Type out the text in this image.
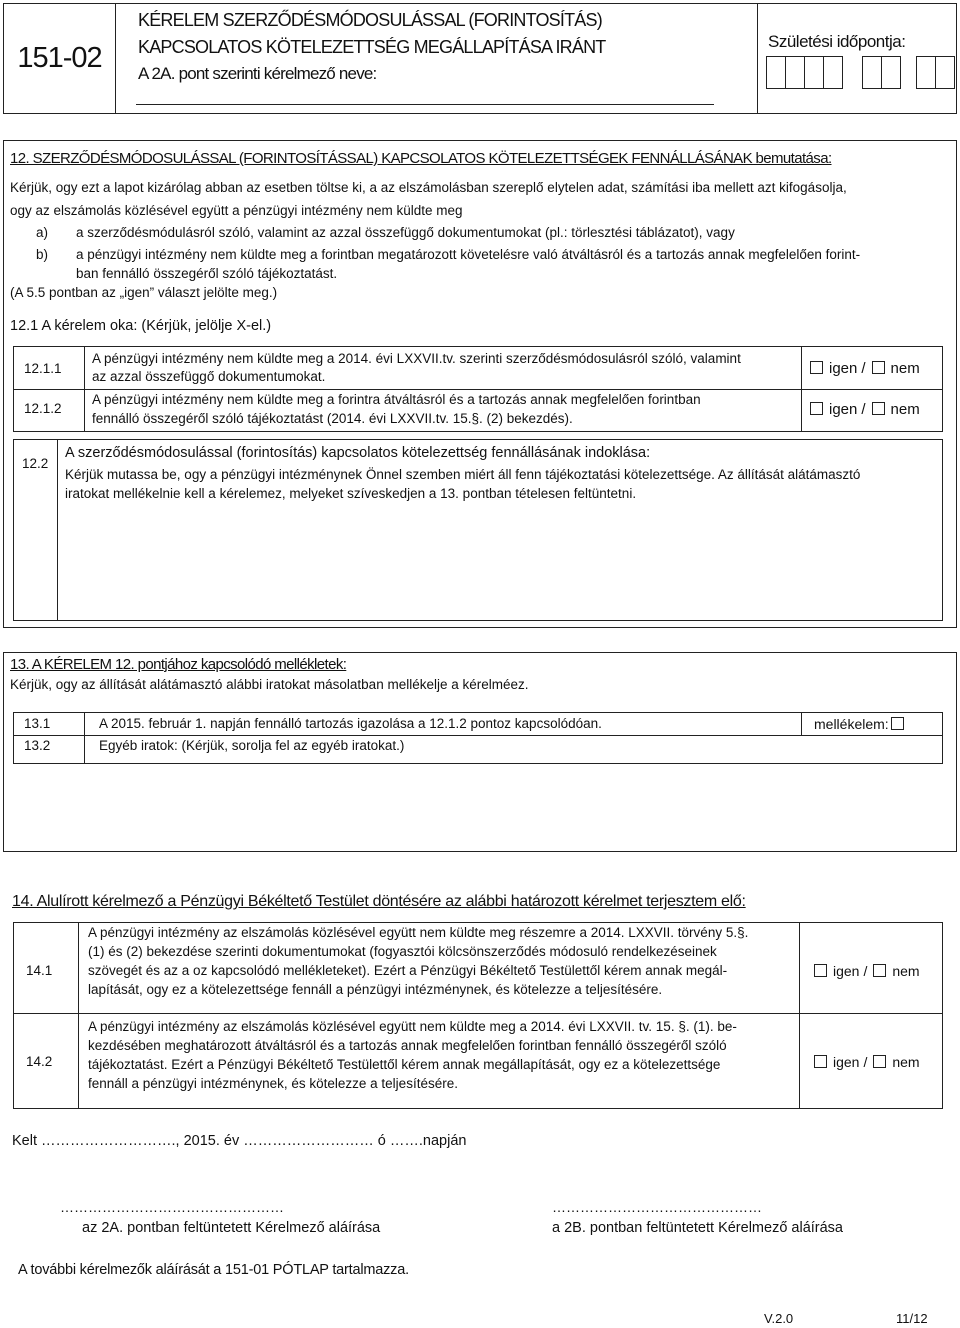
151-02
KÉRELEM SZERZŐDÉSMÓDOSULÁSSAL (FORINTOSÍTÁS)
KAPCSOLATOS KÖTELEZETTSÉG MEGÁLLAPÍTÁSA IRÁNT
A 2A. pont szerinti kérelmező neve:
Születési időpontja:
12. SZERZŐDÉSMÓDOSULÁSSAL (FORINTOSÍTÁSSAL) KAPCSOLATOS KÖTELEZETTSÉGEK FENNÁLLÁSÁNAK bemutatása:
Kérjük, ogy ezt a lapot kizárólag abban az esetben töltse ki, a az elszámolásban szereplő elytelen adat, számítási iba mellett azt kifogásolja,
ogy az elszámolás közlésével együtt a pénzügyi intézmény nem küldte meg
a) a szerződésmódulásról szóló, valamint az azzal összefüggő dokumentumokat (pl.: törlesztési táblázatot), vagy
b) a pénzügyi intézmény nem küldte meg a forintban megatározott követelésre való átváltásról és a tartozás annak megfelelően forint-
ban fennálló összegéről szóló tájékoztatást.
(A 5.5 pontban az „igen” választ jelölte meg.)
12.1 A kérelem oka: (Kérjük, jelölje X-el.)
12.1.1
A pénzügyi intézmény nem küldte meg a 2014. évi LXXVII.tv. szerinti szerződésmódosulásról szóló, valamint
az azzal összefüggő dokumentumokat.	igen / nem
12.1.2
A pénzügyi intézmény nem küldte meg a forintra átváltásról és a tartozás annak megfelelően forintban
fennálló összegéről szóló tájékoztatást (2014. évi LXXVII.tv. 15.§. (2) bekezdés).
igen / nem
12.2
A szerződésmódosulással (forintosítás) kapcsolatos kötelezettség fennállásának indoklása:
Kérjük mutassa be, ogy a pénzügyi intézménynek Önnel szemben miért áll fenn tájékoztatási kötelezettsége. Az állítását alátámasztó
iratokat mellékelnie kell a kérelemez, melyeket szíveskedjen a 13. pontban tételesen feltüntetni.
13. A KÉRELEM 12. pontjához kapcsolódó mellékletek:
Kérjük, ogy az állítását alátámasztó alábbi iratokat másolatban mellékelje a kérelméez.
13.1	A 2015. február 1. napján fennálló tartozás igazolása a 12.1.2 pontoz kapcsolódóan.	mellékelem:
13.2	Egyéb iratok: (Kérjük, sorolja fel az egyéb iratokat.)
14. Alulírott kérelmező a Pénzügyi Békéltető Testület döntésére az alábbi határozott kérelmet terjesztem elő:
14.1
A pénzügyi intézmény az elszámolás közlésével együtt nem küldte meg részemre a 2014. LXXVII. törvény 5.§.
(1) és (2) bekezdése szerinti dokumentumokat (fogyasztói kölcsönszerződés módosuló rendelkezéseinek
szövegét és az a oz kapcsolódó mellékleteket). Ezért a Pénzügyi Békéltető Testülettől kérem annak megál-
lapítását, ogy ez a kötelezettsége fennáll a pénzügyi intézménynek, és kötelezze a teljesítésére.
igen / nem
14.2
A pénzügyi intézmény az elszámolás közlésével együtt nem küldte meg a 2014. évi LXXVII. tv. 15. §. (1). be-
kezdésében meghatározott átváltásról és a tartozás annak megfelelően forintban fennálló összegéről szóló
tájékoztatást. Ezért a Pénzügyi Békéltető Testülettől kérem annak megállapítását, ogy ez a kötelezettsége
fennáll a pénzügyi intézménynek, és kötelezze a teljesítésére.
igen / nem
Kelt ………………………., 2015. év ……………………… ó …….napján
…………………………………………	………………………………………
az 2A. pontban feltüntetett Kérelmező aláírása	a 2B. pontban feltüntetett Kérelmező aláírása
A további kérelmezők aláírását a 151-01 PÓTLAP tartalmazza.
V.2.0	11/12
